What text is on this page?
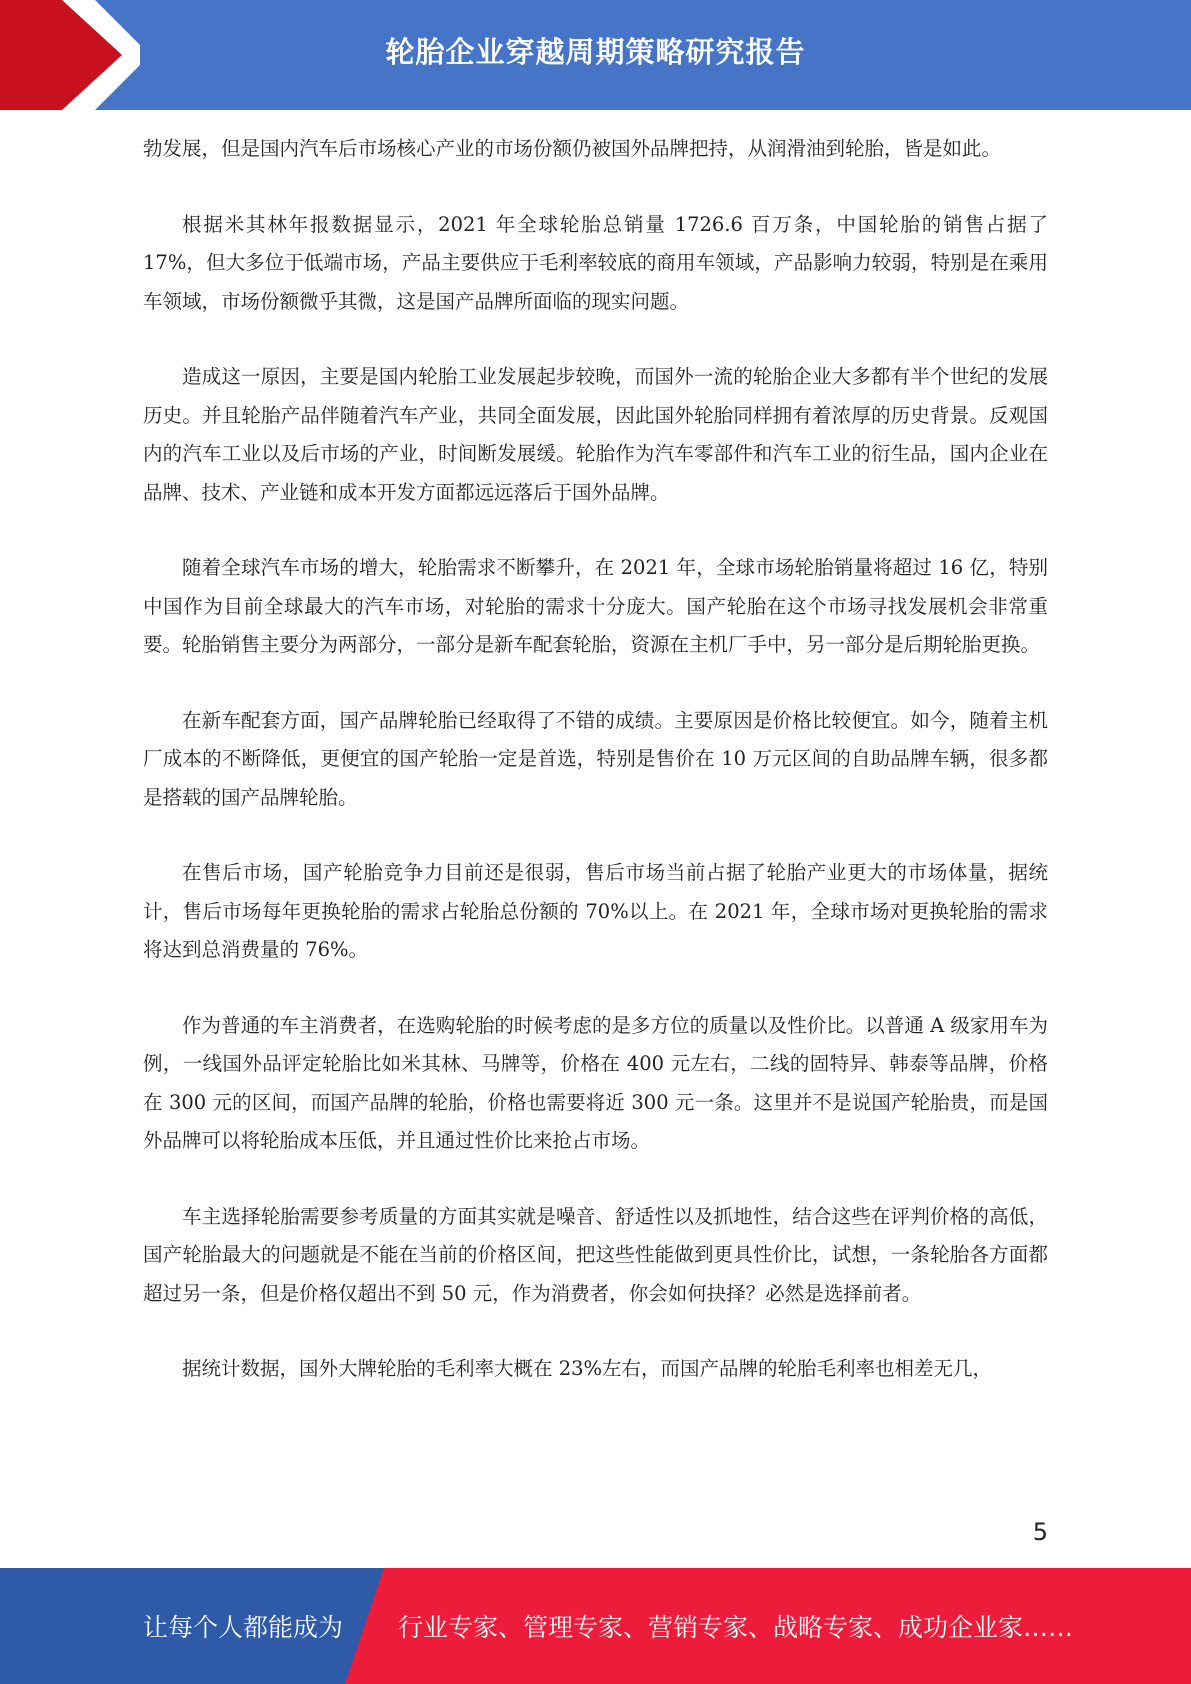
轮胎企业穿越周期策略研究报告

勃发展，但是国内汽车后市场核心产业的市场份额仍被国外品牌把持，从润滑油到轮胎，皆是如此。

根据米其林年报数据显示，2021 年全球轮胎总销量 1726.6 百万条，中国轮胎的销售占据了 17%，但大多位于低端市场，产品主要供应于毛利率较底的商用车领域，产品影响力较弱，特别是在乘用车领域，市场份额微乎其微，这是国产品牌所面临的现实问题。

造成这一原因，主要是国内轮胎工业发展起步较晚，而国外一流的轮胎企业大多都有半个世纪的发展历史。并且轮胎产品伴随着汽车产业，共同全面发展，因此国外轮胎同样拥有着浓厚的历史背景。反观国内的汽车工业以及后市场的产业，时间断发展缓。轮胎作为汽车零部件和汽车工业的衍生品，国内企业在品牌、技术、产业链和成本开发方面都远远落后于国外品牌。

随着全球汽车市场的增大，轮胎需求不断攀升，在 2021 年，全球市场轮胎销量将超过 16 亿，特别中国作为目前全球最大的汽车市场，对轮胎的需求十分庞大。国产轮胎在这个市场寻找发展机会非常重要。轮胎销售主要分为两部分，一部分是新车配套轮胎，资源在主机厂手中，另一部分是后期轮胎更换。

在新车配套方面，国产品牌轮胎已经取得了不错的成绩。主要原因是价格比较便宜。如今，随着主机厂成本的不断降低，更便宜的国产轮胎一定是首选，特别是售价在 10 万元区间的自助品牌车辆，很多都是搭载的国产品牌轮胎。

在售后市场，国产轮胎竞争力目前还是很弱，售后市场当前占据了轮胎产业更大的市场体量，据统计，售后市场每年更换轮胎的需求占轮胎总份额的 70%以上。在 2021 年，全球市场对更换轮胎的需求将达到总消费量的 76%。

作为普通的车主消费者，在选购轮胎的时候考虑的是多方位的质量以及性价比。以普通 A 级家用车为例，一线国外品评定轮胎比如米其林、马牌等，价格在 400 元左右，二线的固特异、韩泰等品牌，价格在 300 元的区间，而国产品牌的轮胎，价格也需要将近 300 元一条。这里并不是说国产轮胎贵，而是国外品牌可以将轮胎成本压低，并且通过性价比来抢占市场。

车主选择轮胎需要参考质量的方面其实就是噪音、舒适性以及抓地性，结合这些在评判价格的高低，国产轮胎最大的问题就是不能在当前的价格区间，把这些性能做到更具性价比，试想，一条轮胎各方面都超过另一条，但是价格仅超出不到 50 元，作为消费者，你会如何抉择？必然是选择前者。

据统计数据，国外大牌轮胎的毛利率大概在 23%左右，而国产品牌的轮胎毛利率也相差无几，

5
让每个人都能成为 行业专家、管理专家、营销专家、战略专家、成功企业家……
